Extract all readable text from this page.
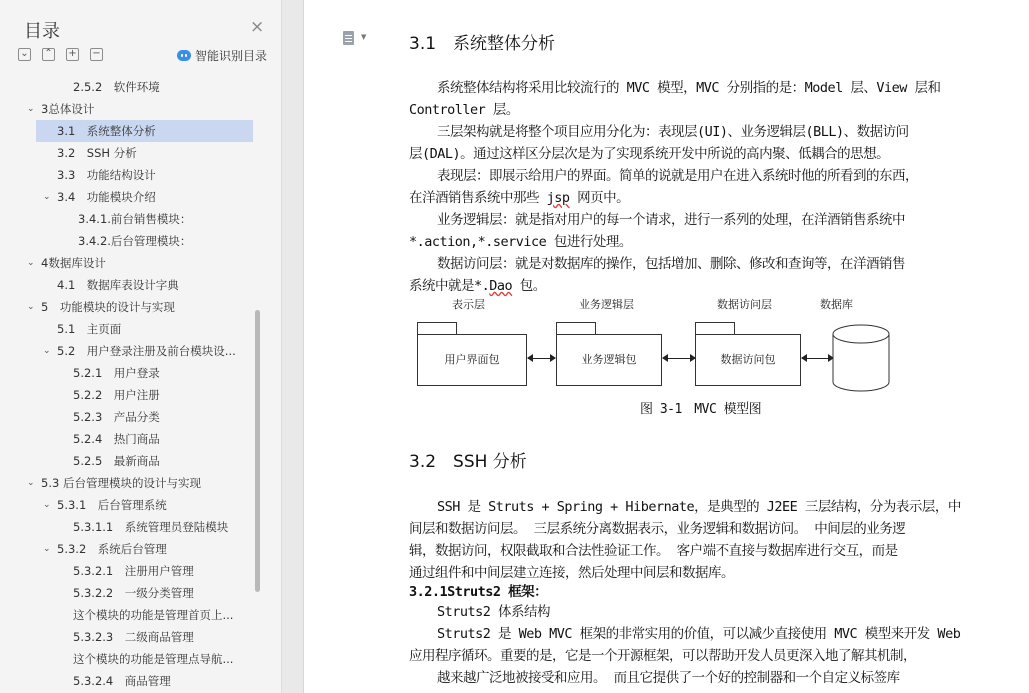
目录	×
⌄ ⌃ + −	智能识别目录
2.5.2　软件环境
⌄ 3总体设计
3.1　系统整体分析
3.2　SSH 分析
3.3　功能结构设计
⌄ 3.4　功能模块介绍
3.4.1.前台销售模块：
3.4.2.后台管理模块：
⌄ 4数据库设计
4.1　数据库表设计字典
⌄ 5　功能模块的设计与实现
5.1　主页面
⌄ 5.2　用户登录注册及前台模块设...
5.2.1　用户登录
5.2.2　用户注册
5.2.3　产品分类
5.2.4　热门商品
5.2.5　最新商品
⌄ 5.3 后台管理模块的设计与实现
⌄ 5.3.1　后台管理系统
5.3.1.1　系统管理员登陆模块
⌄ 5.3.2　系统后台管理
5.3.2.1　注册用户管理
5.3.2.2　一级分类管理
这个模块的功能是管理首页上...
5.3.2.3　二级商品管理
这个模块的功能是管理点导航...
5.3.2.4　商品管理
▼	3.1　系统整体分析
系统整体结构将采用比较流行的 MVC 模型，MVC 分别指的是：Model 层、View 层和
Controller 层。
三层架构就是将整个项目应用分化为：表现层(UI)、业务逻辑层(BLL)、数据访问
层(DAL)。通过这样区分层次是为了实现系统开发中所说的高内聚、低耦合的思想。
表现层：即展示给用户的界面。简单的说就是用户在进入系统时他的所看到的东西，
在洋酒销售系统中那些 jsp 网页中。
业务逻辑层：就是指对用户的每一个请求，进行一系列的处理，在洋酒销售系统中
*.action,*.service 包进行处理。
数据访问层：就是对数据库的操作，包括增加、删除、修改和查询等，在洋酒销售
系统中就是*.Dao 包。
表示层	业务逻辑层	数据访问层	数据库
用户界面包	业务逻辑包	数据访问包
图 3-1　MVC 模型图
3.2　SSH 分析
SSH 是 Struts + Spring + Hibernate，是典型的 J2EE 三层结构，分为表示层，中
间层和数据访问层。 三层系统分离数据表示，业务逻辑和数据访问。 中间层的业务逻
辑，数据访问，权限截取和合法性验证工作。 客户端不直接与数据库进行交互，而是
通过组件和中间层建立连接，然后处理中间层和数据库。
3.2.1Struts2 框架：
Struts2 体系结构
Struts2 是 Web MVC 框架的非常实用的价值，可以减少直接使用 MVC 模型来开发 Web
应用程序循环。重要的是，它是一个开源框架，可以帮助开发人员更深入地了解其机制，
越来越广泛地被接受和应用。 而且它提供了一个好的控制器和一个自定义标签库
